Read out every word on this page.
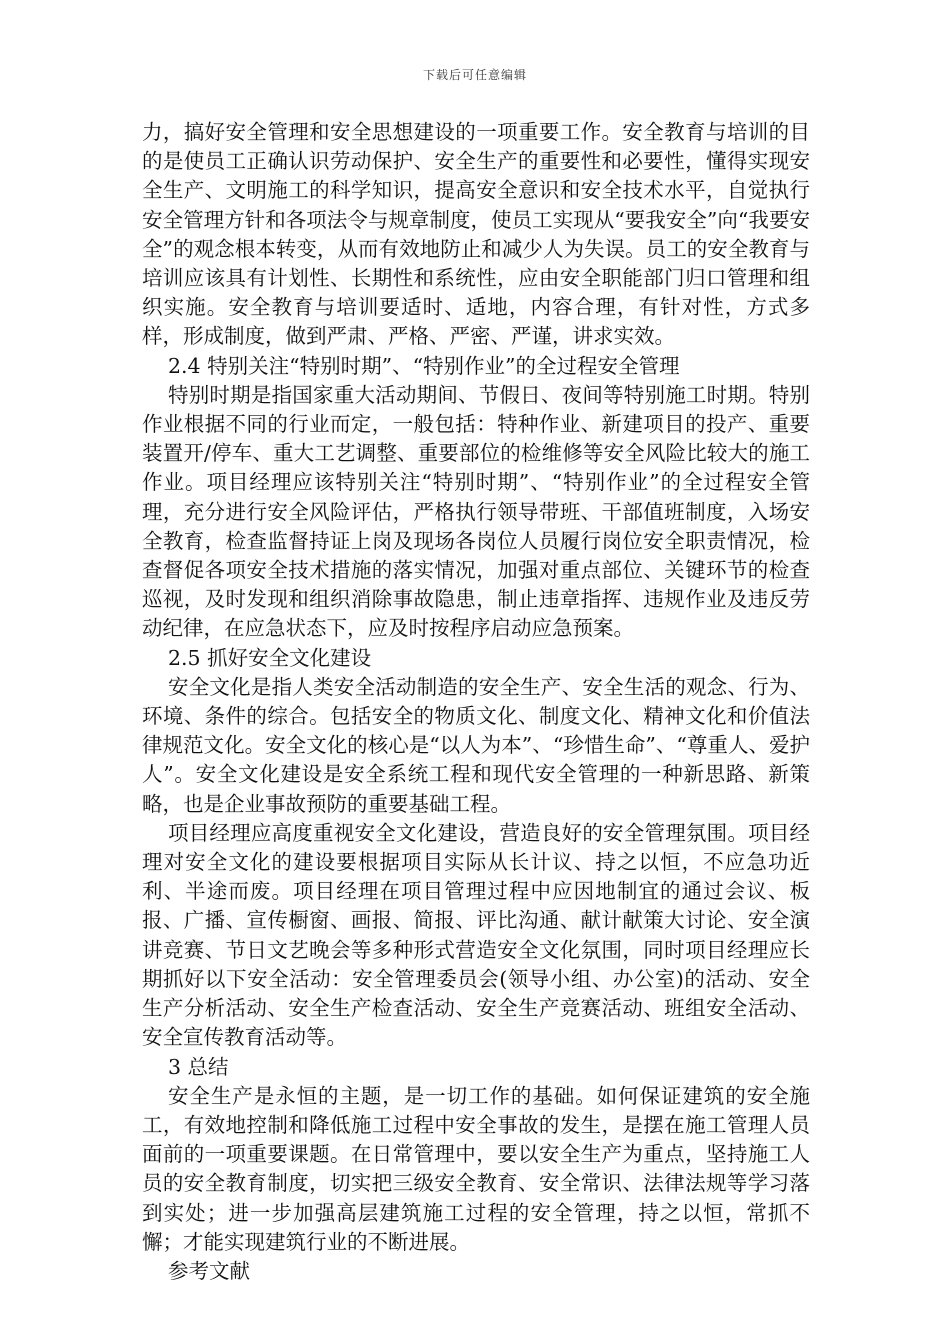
下载后可任意编辑

力，搞好安全管理和安全思想建设的一项重要工作。安全教育与培训的目的是使员工正确认识劳动保护、安全生产的重要性和必要性，懂得实现安全生产、文明施工的科学知识，提高安全意识和安全技术水平，自觉执行安全管理方针和各项法令与规章制度，使员工实现从“要我安全”向“我要安全”的观念根本转变，从而有效地防止和减少人为失误。员工的安全教育与培训应该具有计划性、长期性和系统性，应由安全职能部门归口管理和组织实施。安全教育与培训要适时、适地，内容合理，有针对性，方式多样，形成制度，做到严肃、严格、严密、严谨，讲求实效。

2.4 特别关注“特别时期”、“特别作业”的全过程安全管理

特别时期是指国家重大活动期间、节假日、夜间等特别施工时期。特别作业根据不同的行业而定，一般包括：特种作业、新建项目的投产、重要装置开/停车、重大工艺调整、重要部位的检维修等安全风险比较大的施工作业。项目经理应该特别关注“特别时期”、“特别作业”的全过程安全管理，充分进行安全风险评估，严格执行领导带班、干部值班制度，入场安全教育，检查监督持证上岗及现场各岗位人员履行岗位安全职责情况，检查督促各项安全技术措施的落实情况，加强对重点部位、关键环节的检查巡视，及时发现和组织消除事故隐患，制止违章指挥、违规作业及违反劳动纪律，在应急状态下，应及时按程序启动应急预案。

2.5 抓好安全文化建设

安全文化是指人类安全活动制造的安全生产、安全生活的观念、行为、环境、条件的综合。包括安全的物质文化、制度文化、精神文化和价值法律规范文化。安全文化的核心是“以人为本”、“珍惜生命”、“尊重人、爱护人”。安全文化建设是安全系统工程和现代安全管理的一种新思路、新策略，也是企业事故预防的重要基础工程。

项目经理应高度重视安全文化建设，营造良好的安全管理氛围。项目经理对安全文化的建设要根据项目实际从长计议、持之以恒，不应急功近利、半途而废。项目经理在项目管理过程中应因地制宜的通过会议、板报、广播、宣传橱窗、画报、简报、评比沟通、献计献策大讨论、安全演讲竞赛、节日文艺晚会等多种形式营造安全文化氛围，同时项目经理应长期抓好以下安全活动：安全管理委员会(领导小组、办公室)的活动、安全生产分析活动、安全生产检查活动、安全生产竞赛活动、班组安全活动、安全宣传教育活动等。

3 总结

安全生产是永恒的主题，是一切工作的基础。如何保证建筑的安全施工，有效地控制和降低施工过程中安全事故的发生，是摆在施工管理人员面前的一项重要课题。在日常管理中，要以安全生产为重点，坚持施工人员的安全教育制度，切实把三级安全教育、安全常识、法律法规等学习落到实处；进一步加强高层建筑施工过程的安全管理，持之以恒，常抓不懈；才能实现建筑行业的不断进展。

参考文献
